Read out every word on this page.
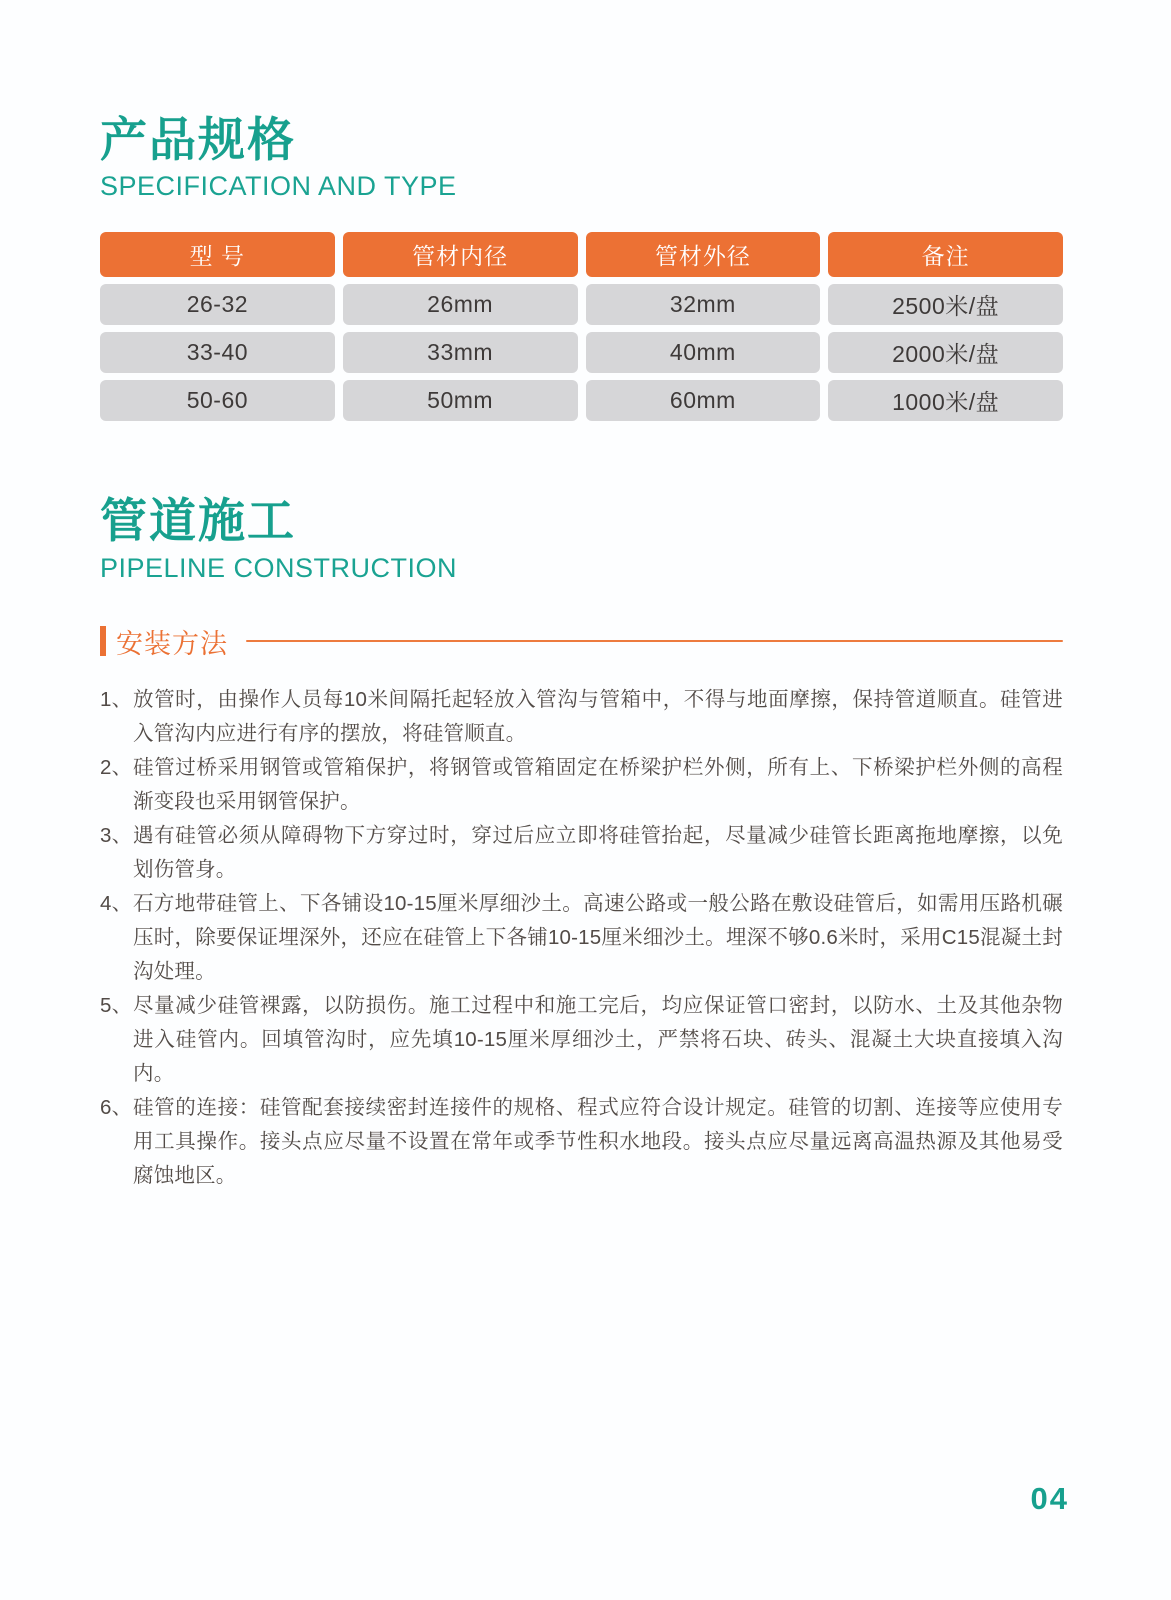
产品规格
SPECIFICATION AND TYPE
型 号	管材内径	管材外径	备注
26-32	26mm	32mm	2500米/盘
33-40	33mm	40mm	2000米/盘
50-60	50mm	60mm	1000米/盘
管道施工
PIPELINE CONSTRUCTION
安装方法
1、 放管时，由操作人员每10米间隔托起轻放入管沟与管箱中，不得与地面摩擦，保持管道顺直。硅管进入管沟内应进行有序的摆放，将硅管顺直。
2、 硅管过桥采用钢管或管箱保护，将钢管或管箱固定在桥梁护栏外侧，所有上、下桥梁护栏外侧的高程渐变段也采用钢管保护。
3、 遇有硅管必须从障碍物下方穿过时，穿过后应立即将硅管抬起，尽量减少硅管长距离拖地摩擦，以免划伤管身。
4、 石方地带硅管上、下各铺设10-15厘米厚细沙土。高速公路或一般公路在敷设硅管后，如需用压路机碾压时，除要保证埋深外，还应在硅管上下各铺10-15厘米细沙土。埋深不够0.6米时，采用C15混凝土封沟处理。
5、 尽量减少硅管裸露，以防损伤。施工过程中和施工完后，均应保证管口密封，以防水、土及其他杂物进入硅管内。回填管沟时，应先填10-15厘米厚细沙土，严禁将石块、砖头、混凝土大块直接填入沟内。
6、 硅管的连接：硅管配套接续密封连接件的规格、程式应符合设计规定。硅管的切割、连接等应使用专用工具操作。接头点应尽量不设置在常年或季节性积水地段。接头点应尽量远离高温热源及其他易受腐蚀地区。
04
